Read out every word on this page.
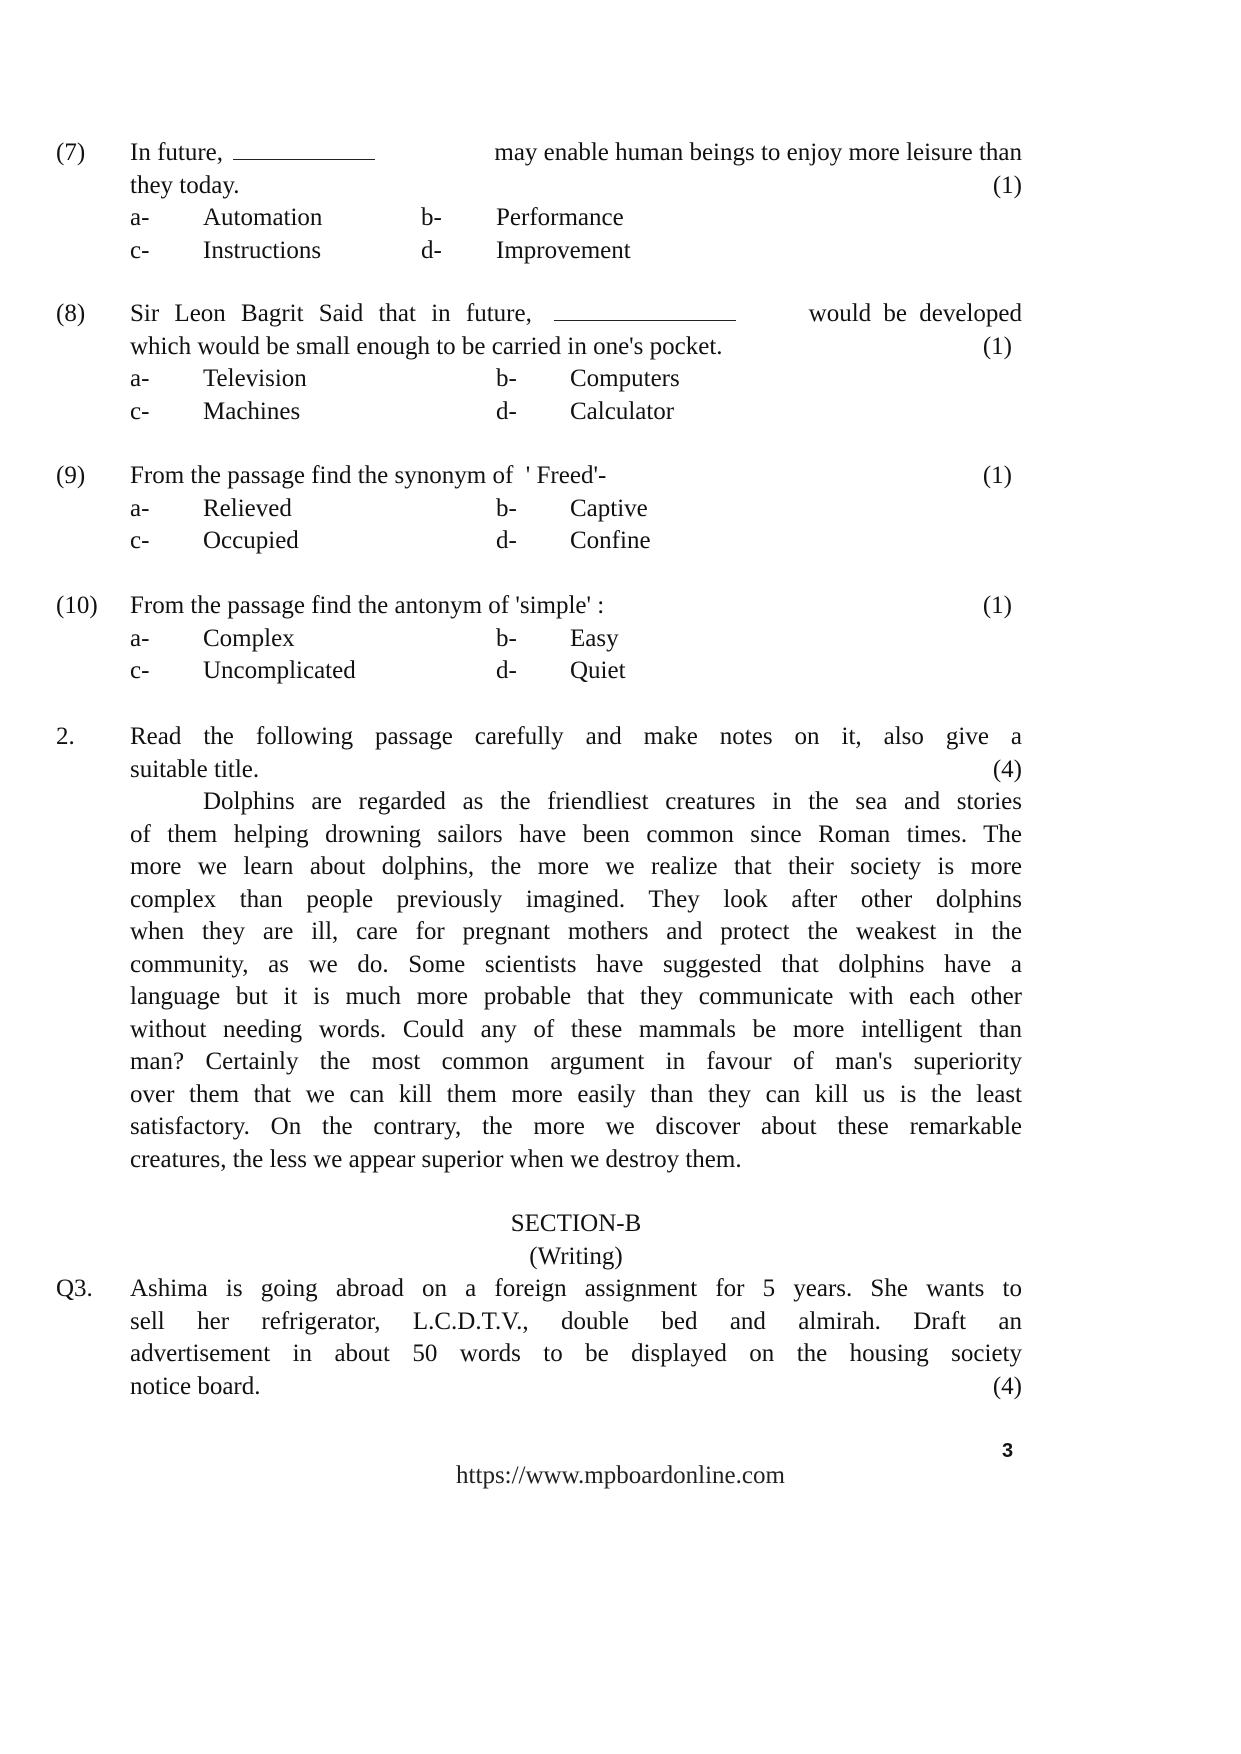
(7) In future,	may enable human beings to enjoy more leisure than
they today.	(1)
a- Automation	b- Performance
c- Instructions	d- Improvement
(8) Sir Leon Bagrit Said that in future,	would be developed
which would be small enough to be carried in one's pocket.	(1)
a- Television	b- Computers
c- Machines	d- Calculator
(9) From the passage find the synonym of  ' Freed'-	(1)
a- Relieved	b- Captive
c- Occupied	d- Confine
(10) From the passage find the antonym of 'simple' :	(1)
a- Complex	b- Easy
c- Uncomplicated	d- Quiet
2. Read the following passage carefully and make notes on it, also give a
suitable title.	(4)
Dolphins are regarded as the friendliest creatures in the sea and stories
of them helping drowning sailors have been common since Roman times. The
more we learn about dolphins, the more we realize that their society is more
complex than people previously imagined. They look after other dolphins
when they are ill, care for pregnant mothers and protect the weakest in the
community, as we do. Some scientists have suggested that dolphins have a
language but it is much more probable that they communicate with each other
without needing words. Could any of these mammals be more intelligent than
man? Certainly the most common argument in favour of man's superiority
over them that we can kill them more easily than they can kill us is the least
satisfactory. On the contrary, the more we discover about these remarkable
creatures, the less we appear superior when we destroy them.
SECTION-B
(Writing)
Q3. Ashima is going abroad on a foreign assignment for 5 years. She wants to
sell her refrigerator, L.C.D.T.V., double bed and almirah. Draft an
advertisement in about 50 words to be displayed on the housing society
notice board.	(4)
3
https://www.mpboardonline.com
